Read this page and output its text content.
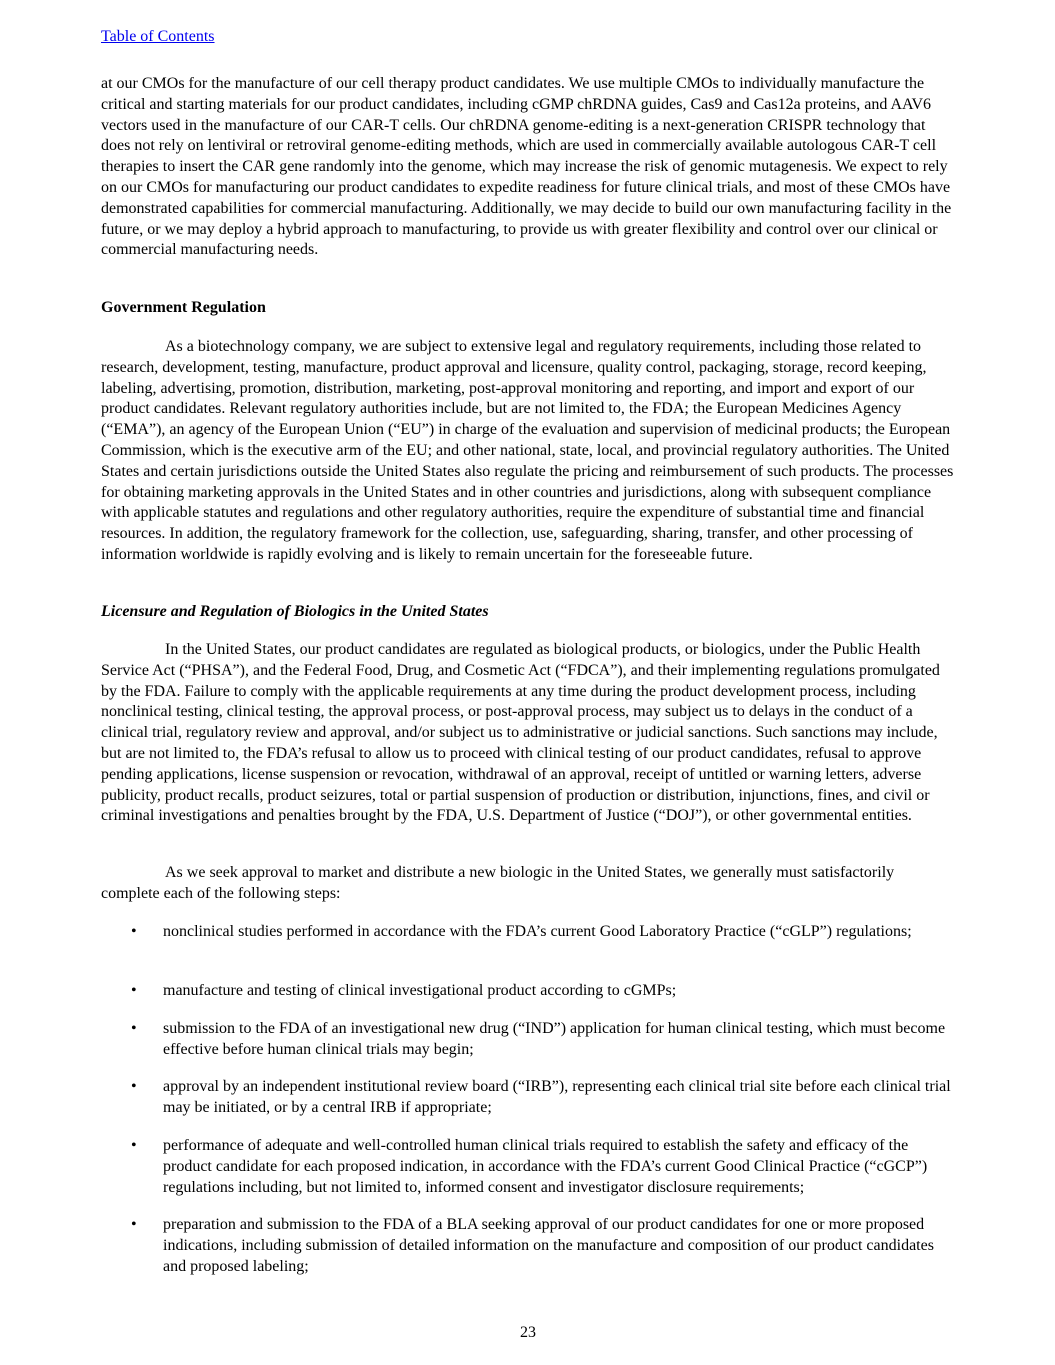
Table of Contents

at our CMOs for the manufacture of our cell therapy product candidates. We use multiple CMOs to individually manufacture the critical and starting materials for our product candidates, including cGMP chRDNA guides, Cas9 and Cas12a proteins, and AAV6 vectors used in the manufacture of our CAR-T cells. Our chRDNA genome-editing is a next-generation CRISPR technology that does not rely on lentiviral or retroviral genome-editing methods, which are used in commercially available autologous CAR-T cell therapies to insert the CAR gene randomly into the genome, which may increase the risk of genomic mutagenesis. We expect to rely on our CMOs for manufacturing our product candidates to expedite readiness for future clinical trials, and most of these CMOs have demonstrated capabilities for commercial manufacturing. Additionally, we may decide to build our own manufacturing facility in the future, or we may deploy a hybrid approach to manufacturing, to provide us with greater flexibility and control over our clinical or commercial manufacturing needs.

Government Regulation

As a biotechnology company, we are subject to extensive legal and regulatory requirements, including those related to research, development, testing, manufacture, product approval and licensure, quality control, packaging, storage, record keeping, labeling, advertising, promotion, distribution, marketing, post-approval monitoring and reporting, and import and export of our product candidates. Relevant regulatory authorities include, but are not limited to, the FDA; the European Medicines Agency (“EMA”), an agency of the European Union (“EU”) in charge of the evaluation and supervision of medicinal products; the European Commission, which is the executive arm of the EU; and other national, state, local, and provincial regulatory authorities. The United States and certain jurisdictions outside the United States also regulate the pricing and reimbursement of such products. The processes for obtaining marketing approvals in the United States and in other countries and jurisdictions, along with subsequent compliance with applicable statutes and regulations and other regulatory authorities, require the expenditure of substantial time and financial resources. In addition, the regulatory framework for the collection, use, safeguarding, sharing, transfer, and other processing of information worldwide is rapidly evolving and is likely to remain uncertain for the foreseeable future.

Licensure and Regulation of Biologics in the United States

In the United States, our product candidates are regulated as biological products, or biologics, under the Public Health Service Act (“PHSA”), and the Federal Food, Drug, and Cosmetic Act (“FDCA”), and their implementing regulations promulgated by the FDA. Failure to comply with the applicable requirements at any time during the product development process, including nonclinical testing, clinical testing, the approval process, or post-approval process, may subject us to delays in the conduct of a clinical trial, regulatory review and approval, and/or subject us to administrative or judicial sanctions. Such sanctions may include, but are not limited to, the FDA’s refusal to allow us to proceed with clinical testing of our product candidates, refusal to approve pending applications, license suspension or revocation, withdrawal of an approval, receipt of untitled or warning letters, adverse publicity, product recalls, product seizures, total or partial suspension of production or distribution, injunctions, fines, and civil or criminal investigations and penalties brought by the FDA, U.S. Department of Justice (“DOJ”), or other governmental entities.

As we seek approval to market and distribute a new biologic in the United States, we generally must satisfactorily complete each of the following steps:

• nonclinical studies performed in accordance with the FDA’s current Good Laboratory Practice (“cGLP”) regulations;
• manufacture and testing of clinical investigational product according to cGMPs;
• submission to the FDA of an investigational new drug (“IND”) application for human clinical testing, which must become effective before human clinical trials may begin;
• approval by an independent institutional review board (“IRB”), representing each clinical trial site before each clinical trial may be initiated, or by a central IRB if appropriate;
• performance of adequate and well-controlled human clinical trials required to establish the safety and efficacy of the product candidate for each proposed indication, in accordance with the FDA’s current Good Clinical Practice (“cGCP”) regulations including, but not limited to, informed consent and investigator disclosure requirements;
• preparation and submission to the FDA of a BLA seeking approval of our product candidates for one or more proposed indications, including submission of detailed information on the manufacture and composition of our product candidates and proposed labeling;
23
